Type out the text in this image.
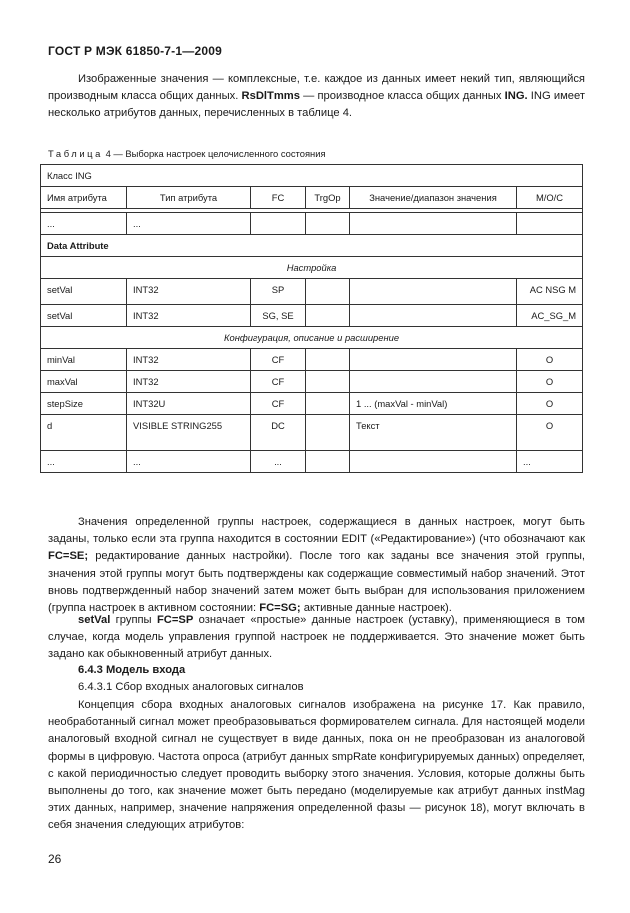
ГОСТ Р МЭК 61850-7-1—2009
Изображенные значения — комплексные, т.е. каждое из данных имеет некий тип, являющийся производным класса общих данных. RsDlTmms — производное класса общих данных ING. ING имеет несколько атрибутов данных, перечисленных в таблице 4.
Таблица 4 — Выборка настроек целочисленного состояния
Класс ING					
Имя атрибута	Тип атрибута	FC	TrgOp	Значение/диапазон значения	M/O/C

...	...				
Data Attribute					
Настройка					
setVal	INT32	SP			AC NSG M
setVal	INT32	SG, SE			AC_SG_M
Конфигурация, описание и расширение					
minVal	INT32	CF			O
maxVal	INT32	CF			O
stepSize	INT32U	CF		1 ... (maxVal - minVal)	O
d	VISIBLE STRING255	DC		Текст	O
...	...	...			...
Значения определенной группы настроек, содержащиеся в данных настроек, могут быть заданы, только если эта группа находится в состоянии EDIT («Редактирование») (что обозначают как FC=SE; редактирование данных настройки). После того как заданы все значения этой группы, значения этой группы могут быть подтверждены как содержащие совместимый набор значений. Этот вновь подтвержденный набор значений затем может быть выбран для использования приложением (группа настроек в активном состоянии: FC=SG; активные данные настроек).
setVal группы FC=SP означает «простые» данные настроек (уставку), применяющиеся в том случае, когда модель управления группой настроек не поддерживается. Это значение может быть задано как обыкновенный атрибут данных.
6.4.3 Модель входа
6.4.3.1 Сбор входных аналоговых сигналов
Концепция сбора входных аналоговых сигналов изображена на рисунке 17. Как правило, необработанный сигнал может преобразовываться формирователем сигнала. Для настоящей модели аналоговый входной сигнал не существует в виде данных, пока он не преобразован из аналоговой формы в цифровую. Частота опроса (атрибут данных smpRate конфигурируемых данных) определяет, с какой периодичностью следует проводить выборку этого значения. Условия, которые должны быть выполнены до того, как значение может быть передано (моделируемые как атрибут данных instMag этих данных, например, значение напряжения определенной фазы — рисунок 18), могут включать в себя значения следующих атрибутов:
26
